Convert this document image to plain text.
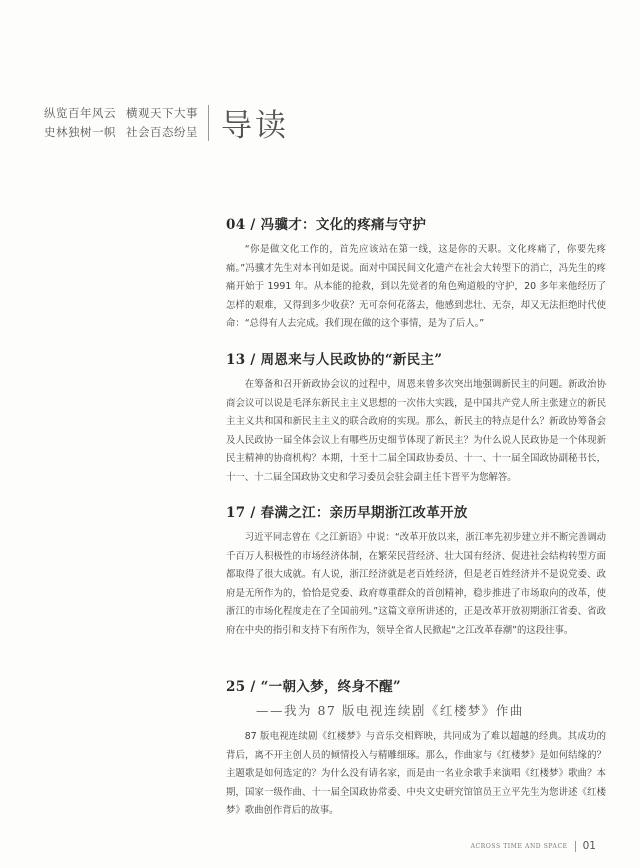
纵览百年风云 横观天下大事
史林独树一帜 社会百态纷呈 导读
04 / 冯骥才：文化的疼痛与守护

“你是做文化工作的，首先应该站在第一线，这是你的天职。文化疼痛了，你要先疼痛。”冯骥才先生对本刊如是说。面对中国民间文化遗产在社会大转型下的消亡，冯先生的疼痛开始于 1991 年。从本能的抢救，到以先觉者的角色殉道般的守护，20 多年来他经历了怎样的艰难，又得到多少收获？无可奈何花落去，他感到悲壮、无奈，却又无法拒绝时代使命：“总得有人去完成。我们现在做的这个事情，是为了后人。”

13 / 周恩来与人民政协的“新民主”

在筹备和召开新政协会议的过程中，周恩来曾多次突出地强调新民主的问题。新政治协商会议可以说是毛泽东新民主主义思想的一次伟大实践，是中国共产党人所主张建立的新民主主义共和国和新民主主义的联合政府的实现。那么，新民主的特点是什么？新政协筹备会及人民政协一届全体会议上有哪些历史细节体现了新民主？为什么说人民政协是一个体现新民主精神的协商机构？本期，十至十二届全国政协委员、十一、十一届全国政协副秘书长，十一、十二届全国政协文史和学习委员会驻会副主任卞晋平为您解答。

17 / 春满之江：亲历早期浙江改革开放

习近平同志曾在《之江新语》中说：“改革开放以来，浙江率先初步建立并不断完善调动千百万人积极性的市场经济体制，在繁荣民营经济、壮大国有经济、促进社会结构转型方面都取得了很大成就。有人说，浙江经济就是老百姓经济，但是老百姓经济并不是说党委、政府是无所作为的，恰恰是党委、政府尊重群众的首创精神，稳步推进了市场取向的改革，使浙江的市场化程度走在了全国前列。”这篇文章所讲述的，正是改革开放初期浙江省委、省政府在中央的指引和支持下有所作为，领导全省人民掀起“之江改革春潮”的这段往事。

25 / “一朝入梦，终身不醒”
——我为 87 版电视连续剧《红楼梦》作曲

87 版电视连续剧《红楼梦》与音乐交相辉映，共同成为了难以超越的经典。其成功的背后，离不开主创人员的倾情投入与精雕细琢。那么，作曲家与《红楼梦》是如何结缘的？主题歌是如何选定的？为什么没有请名家，而是由一名业余歌手来演唱《红楼梦》歌曲？本期，国家一级作曲、十一届全国政协常委、中央文史研究馆馆员王立平先生为您讲述《红楼梦》歌曲创作背后的故事。

ACROSS TIME AND SPACE 01
